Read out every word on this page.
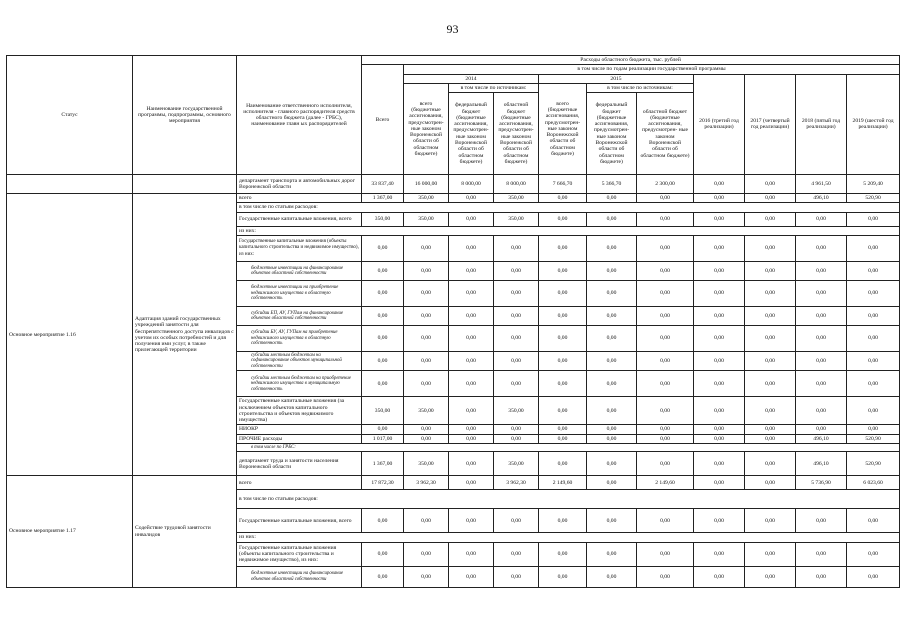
93
Статус	Наименование государственной программы, подпрограммы, основного мероприятия	Наименование ответственного исполнителя, исполнителя - главного распорядителя средств областного бюджета (далее - ГРБС), наименование главн ых распорядителей	Расходы областного бюджета, тыс. рублей										
			Всего	в том числе по годам реализации государственной программы									
				2014			2015			2016 (третий год реализации)	2017 (четвертый год реализации)	2018 (пятый год реализации)	2019 (шестой год реализации)
				всего (бюджетные ассигнования, предусмотрен- ные законом Воронежской области об областном бюджете)	в том числе по источникам:		всего (бюджетные ассигнования, предусмотрен- ные законом Воронежской области об областном бюджете)	в том числе по источникам:					
					федеральный бюджет (бюджетные ассигнования, предусмотрен- ные законом Воронежской области об областном бюджете)	областной бюджет (бюджетные ассигнования, предусмотрен- ные законом Воронежской области об областном бюджете)		федеральный бюджет (бюджетные ассигнования, предусмотрен- ные законом Воронежской области об областном бюджете)	областной бюджет (бюджетные ассигнования, предусмотрен- ные законом Воронежской области об областном бюджете)				
		департамент транспорта и автомобильных дорог Воронежской области	33 837,40	16 000,00	8 000,00	8 000,00	7 666,70	5 366,70	2 300,00	0,00	0,00	4 961,50	5 209,40
Основное мероприятие 1.16	Адаптация зданий государственных учреждений занятости для беспрепятственного доступа инвалидов с учетом их особых потребностей и для получения ими услуг, в также прилегающей территории	всего	1 367,00	350,00	0,00	350,00	0,00	0,00	0,00	0,00	0,00	496,10	520,90
		в том числе по статьям расходов:											
		Государственные капитальные вложения, всего	350,00	350,00	0,00	350,00	0,00	0,00	0,00	0,00	0,00	0,00	0,00
		из них:											
		Государственные капитальные вложения (объекты капитального строительства и недвижимое имущество), из них:	0,00	0,00	0,00	0,00	0,00	0,00	0,00	0,00	0,00	0,00	0,00
		бюджетные инвестиции на финансирование объектов областной собственности	0,00	0,00	0,00	0,00	0,00	0,00	0,00	0,00	0,00	0,00	0,00
		бюджетные инвестиции на приобретение недвижимого имущества в областную собственность	0,00	0,00	0,00	0,00	0,00	0,00	0,00	0,00	0,00	0,00	0,00
		субсидии ЕП, АУ, ГУПам на финансирование объектов областной собственности	0,00	0,00	0,00	0,00	0,00	0,00	0,00	0,00	0,00	0,00	0,00
		субсидии БУ, АУ, ГУПам на приобретение недвижимого имущества в областную собственность	0,00	0,00	0,00	0,00	0,00	0,00	0,00	0,00	0,00	0,00	0,00
		субсидии местным бюджетам на софинансирование объектов муниципальной собственности	0,00	0,00	0,00	0,00	0,00	0,00	0,00	0,00	0,00	0,00	0,00
		субсидии местным бюджетам на приобретение недвижимого имущества в муниципальную собственность	0,00	0,00	0,00	0,00	0,00	0,00	0,00	0,00	0,00	0,00	0,00
		Государственные капитальные вложения (за исключением объектов капитального строительства и объектов недвижимого имущества)	350,00	350,00	0,00	350,00	0,00	0,00	0,00	0,00	0,00	0,00	0,00
		НИОКР	0,00	0,00	0,00	0,00	0,00	0,00	0,00	0,00	0,00	0,00	0,00
		ПРОЧИЕ расходы	1 017,00	0,00	0,00	0,00	0,00	0,00	0,00	0,00	0,00	496,10	520,90
		в том числе по ГРБС:											
		департамент труда и занятости населения Воронежской области	1 367,00	350,00	0,00	350,00	0,00	0,00	0,00	0,00	0,00	496,10	520,90
Основное мероприятие 1.17	Содействие трудовой занятости инвалидов	всего	17 872,30	3 962,30	0,00	3 962,30	2 149,60	0,00	2 149,60	0,00	0,00	5 736,90	6 023,60
		в том числе по статьям расходов:											
		Государственные капитальные вложения, всего	0,00	0,00	0,00	0,00	0,00	0,00	0,00	0,00	0,00	0,00	0,00
		из них:											
		Государственные капитальные вложения (объекты капитального строительства и недвижимое имущество), из них:	0,00	0,00	0,00	0,00	0,00	0,00	0,00	0,00	0,00	0,00	0,00
		бюджетные инвестиции на финансирование объектов областной собственности	0,00	0,00	0,00	0,00	0,00	0,00	0,00	0,00	0,00	0,00	0,00
